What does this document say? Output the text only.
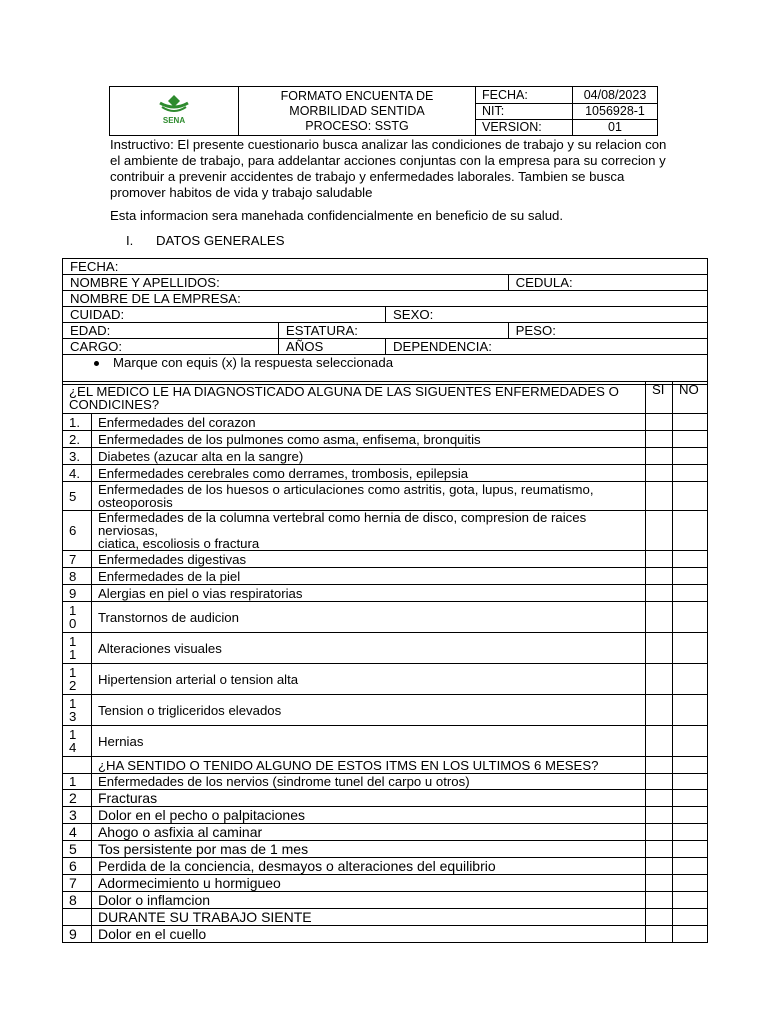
SENA	FORMATO ENCUENTA DE
MORBILIDAD SENTIDA
PROCESO: SSTG	FECHA:	04/08/2023
		NIT:	1056928-1
		VERSION:	01
Instructivo: El presente cuestionario busca analizar las condiciones de trabajo y su relacion con
el ambiente de trabajo, para addelantar acciones conjuntas con la empresa para su correcion y
contribuir a prevenir accidentes de trabajo y enfermedades laborales. Tambien se busca
promover habitos de vida y trabajo saludable
Esta informacion sera manehada confidencialmente en beneficio de su salud.
I. DATOS GENERALES
FECHA:			
NOMBRE Y APELLIDOS:			CEDULA:
NOMBRE DE LA EMPRESA:			
CUIDAD:		SEXO:	
EDAD:	ESTATURA:		PESO:
CARGO:	AÑOS	DEPENDENCIA:	
Marque con equis (x) la respuesta seleccionada			
¿EL MEDICO LE HA DIAGNOSTICADO ALGUNA DE LAS SIGUENTES ENFERMEDADES O
CONDICINES?		SI	NO
1.	Enfermedades del corazon		
2.	Enfermedades de los pulmones como asma, enfisema, bronquitis		
3.	Diabetes (azucar alta en la sangre)		
4.	Enfermedades cerebrales como derrames, trombosis, epilepsia		
5	Enfermedades de los huesos o articulaciones como astritis, gota, lupus, reumatismo,
osteoporosis		

6	Enfermedades de la columna vertebral como hernia de disco, compresion de raices nerviosas,
ciatica, escoliosis o fractura		

7	Enfermedades digestivas		
8	Enfermedades de la piel		
9	Alergias en piel o vias respiratorias		

1
0	Transtornos de audicion		

1
1	Alteraciones visuales		

1
2	Hipertension arterial o tension alta		

1
3	Tension o trigliceridos elevados		

1
4	Hernias		
	¿HA SENTIDO O TENIDO ALGUNO DE ESTOS ITMS EN LOS ULTIMOS 6 MESES?		
1	Enfermedades de los nervios (sindrome tunel del carpo u otros)		
2	Fracturas		
3	Dolor en el pecho o palpitaciones		
4	Ahogo o asfixia al caminar		
5	Tos persistente por mas de 1 mes		
6	Perdida de la conciencia, desmayos o alteraciones del equilibrio		
7	Adormecimiento u hormigueo		
8	Dolor o inflamcion		
	DURANTE SU TRABAJO SIENTE		
9	Dolor en el cuello		
